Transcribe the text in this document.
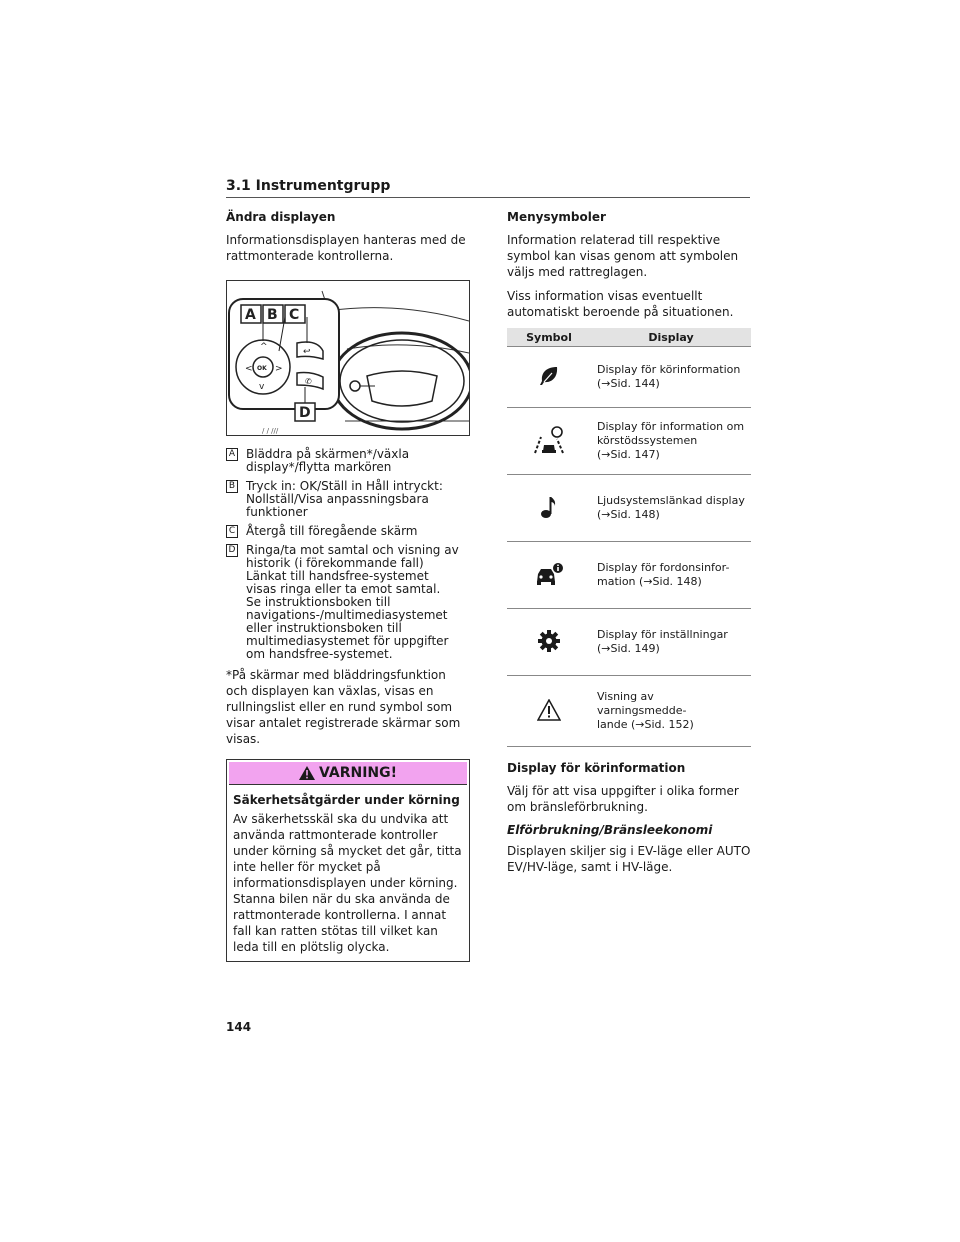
3.1 Instrumentgrupp
Ändra displayen

Informationsdisplayen hanteras med de rattmonterade kontrollerna.

/ / ///
OK
^
< >
v
↩
✆
A B C
D
A Bläddra på skärmen*/växla
display*/flytta markören
B Tryck in: OK/Ställ in Håll intryckt:
Nollställ/Visa anpassningsbara
funktioner
C Återgå till föregående skärm
D Ringa/ta mot samtal och visning av
historik (i förekommande fall)
Länkat till handsfree-systemet
visas ringa eller ta emot samtal.
Se instruktionsboken till
navigations-/multimediasystemet
eller instruktionsboken till
multimediasystemet för uppgifter
om handsfree-systemet.

*På skärmar med bläddringsfunktion och displayen kan växlas, visas en rullningslist eller en rund symbol som visar antalet registrerade skärmar som visas.

VARNING!
Säkerhetsåtgärder under körning

Av säkerhetsskäl ska du undvika att använda rattmonterade kontroller under körning så mycket det går, titta inte heller för mycket på informationsdisplayen under körning. Stanna bilen när du ska använda de rattmonterade kontrollerna. I annat fall kan ratten stötas till vilket kan leda till en plötslig olycka.

Menysymboler

Information relaterad till respektive symbol kan visas genom att symbolen väljs med rattreglagen.

Viss information visas eventuellt automatiskt beroende på situationen.

Symbol	Display
	Display för körinformation
(→Sid. 144)
	Display för information om
körstödssystemen
(→Sid. 147)
	Ljudsystemslänkad display
(→Sid. 148)
	Display för fordonsinfor-
mation (→Sid. 148)
	Display för inställningar
(→Sid. 149)
	Visning av varningsmedde-
lande (→Sid. 152)
Display för körinformation

Välj för att visa uppgifter i olika former om bränsleförbrukning.

Elförbrukning/Bränsleekonomi

Displayen skiljer sig i EV-läge eller AUTO EV/HV-läge, samt i HV-läge.

144
